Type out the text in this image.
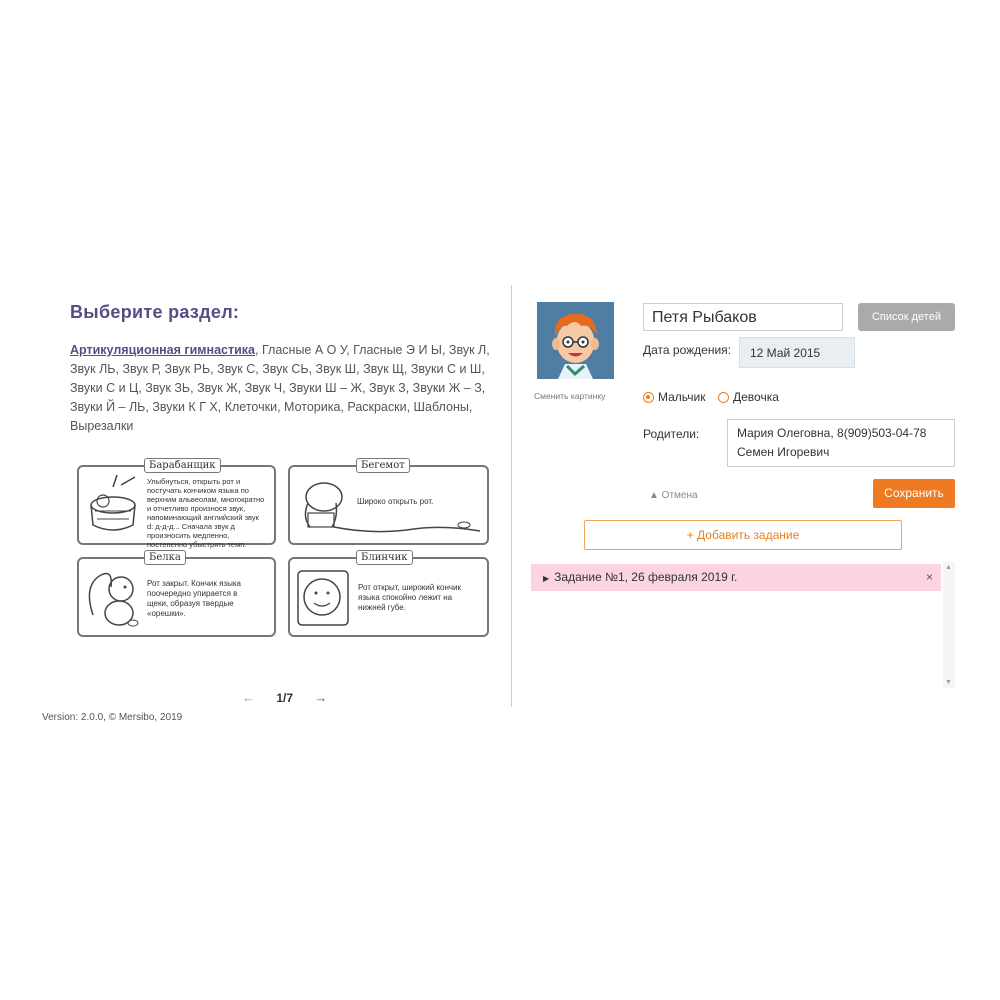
Выберите раздел:
Артикуляционная гимнастика, Гласные А О У, Гласные Э И Ы, Звук Л, Звук ЛЬ, Звук Р, Звук РЬ, Звук С, Звук СЬ, Звук Ш, Звук Щ, Звуки С и Ш, Звуки С и Ц, Звук ЗЬ, Звук Ж, Звук Ч, Звуки Ш – Ж, Звук З, Звуки Ж – З, Звуки Й – ЛЬ, Звуки К Г Х, Клеточки, Моторика, Раскраски, Шаблоны, Вырезалки
Барабанщик
Улыбнуться, открыть рот и постучать кончиком языка по верхним альвеолам, многократно и отчетливо произнося звук, напоминающий английский звук d: д-д-д... Сначала звук д произносить медленно, постепенно убыстрять темп.
Бегемот
Широко открыть рот.
Белка
Рот закрыт. Кончик языка поочередно упирается в щеки, образуя твердые «орешки».
Блинчик
Рот открыт, широкий кончик языка спокойно лежит на нижней губе.
← 1/7 →
Version: 2.0.0, © Mersibo, 2019
Сменить картинку
Петя Рыбаков	Список детей
Дата рождения:	12 Май 2015
Мальчик Девочка
Родители:	Мария Олеговна, 8(909)503-04-78
Семен Игоревич
▲ Отмена	Сохранить
+ Добавить задание
▶ Задание №1, 26 февраля 2019 г.	×
▲
▼
